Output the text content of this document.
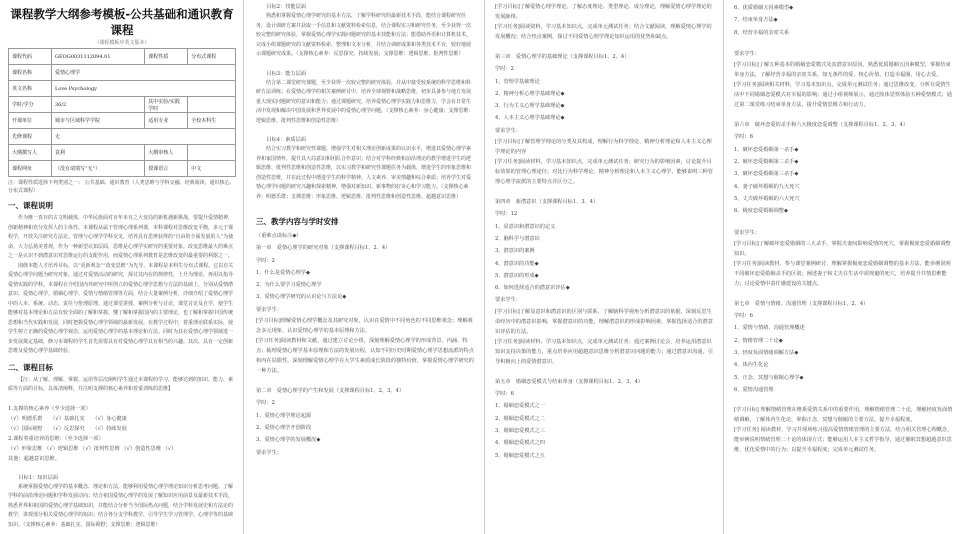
课程教学大纲参考模板-公共基础和通识教育课程
（课程模板中英文版本）
课程代码	GEOG0031112094.01	课程性质	分布式课程
课程名称	爱情心理学		
英文名称	Love Psychology		
学时/学分	36/2	其中实验/实践学时	
开课单位	城市与区域科学学院	适用专业	全校本科生
先修课程	无		
大纲撰写人	袁利	大纲审核人	
课程网址	（没有请填写“无”）	授课语言	中文
注：课程性质选择下列类别之一： 公共基础、通识教育（人类思维与学科交融、经典阅读、通识核心、分布式课程）
一、课程说明
作为唯一真存的古文明载体，中华民族面对百年未有之大变局的新机遇新挑战，要提升爱情精神，创新精神和充分发挥人的主体性。本课程从属于管理心理系列课，本科课程对思维改变平衡，多元于课程学，开放关注研究方法论。管理与心理学学科交叉，培养具有思辨获得的“自由的全面发展的人”为使命，大力弘扬美善观，作为一种新型认知层面，思维是心理学实研究的重要对象。改变思维最大的难点之一是认识不到潜意识对思维运行的支配作用，而爱情心理系列教育是思维改变的最重要的利器之一。
围绕本能人才培养目标，以“更新观念”“改变思维”为先导，本课程是本科生分布式课程。它以有关爱情心理学问题为研究对象，通过对爱情活动的研究，探讨其内在的规律性，上升为理论，再用以指导爱情实践的学科。本课程在介绍国内外研究中所创立的爱情心理学思想与方法的基础上，分别从爱情潜意识、爱情心理学、婚姻心理学、爱情与情绪管理等方面，结合大量案例分析，详细介绍了爱情心理学中的人本、系统、动态、责任与伦理原理。通过课堂讲授、案例分析与讨论，课堂讨论及自学，使学生能够对基本理论和方法有较全面的了解和掌握，懂了解和掌握国内的主要理论，也了解和掌握中国传统思想和当代实践和发展，同时把握爱情心理学领域的最新发展。在教学过程中，着重理论联系实际，使学生树立正确的爱情心理学观念，运用爱情心理学的基本理论和方法。同时为其在爱情心理学领域进一步发展奠定基础，修习本课程的学生首先需要具有对爱情心理学具有相当的兴趣。其次，具有一定创新思维及爱情心理学基础经验。
二、课程目标
【注：从了解、理解、掌握、运用等层次阐明学生通过本课程的学习，能够达到的知识、能力、素质等方面的目标，具体清阐释，并注明支撑的核心素养和着重训练的思维】
1.支撑的核心素养（至少选择一项）
（√）明德乐群　　（√）基础扎实　　（√）身心健康
（√）国际视野　　（√）反思探究　　（√）持续发展
2.课程着重培养的思维：（至少选择一项）
（√）形象思维 （√）逻辑思维 （√）批判性思维 （√）创造性思维 （√）
其他：超越意识思维。
　　目标1：知识层面
系统掌握爱情心理学的基本概念、理论和方法，能够利用爱情心理学理论知识分析思考问题。了解学科的前沿理论问题和学科发展动向；结合祖国爱情心理学的发展了解知识应用前景及最新技术手段，熟悉世界和祖国的爱情心理学基础知识，并能结合分析当今国际热点问题，结合学科发展史和方法论的教学，讲授部分相关爱情心理学的知识；结合各分支学科教学，引导学生学习管理学、心理学等的基础知识。（支撑核心素养：基础扎实、国际视野；支撑思维：逻辑思维）
　　目标2：技能层面
熟悉和掌握爱情心理学研究的基本方法，了解学科研究的最新技术手段，能结合课程研究任务，设计调研方案并获取一手信息和文献资料检索信息，结合课程实习和研究任务，至少获得一次较完整的研究体验，掌握爱情心理学实践问题研究的基本技能和方法；能借助外语和计算机技术，完成小组课题研究的文献资料检索、整理和文本分析，并结合调研成果和各类技术平台，较好地展示课题研究成果。（支撑核心素养：反思探究、持续发展；支撑思维：逻辑思维、批判性思维）
　　目标3：能力层面
结合第二课堂研究课题，至少获得一次较完整的研究体验，并从中接受较系统的科学思维和科研方法训练；在爱情心理学的相关案例研讨中，培养全球视野和战略思维，初步具备参与地方发展重大现实问题研究的意识和能力；通过课题研究，培养爱情心理学实践力和思维力，学会在日常生活中发现和解决中国发展和世界发展中的爱情心理学问题。（支撑核心素养：身心健康；支撑思维：逻辑思维、批判性思维和创造性思维）
　　目标4：素质层面
结合实习教学和研究性课题，增强学生对相关理论创新成果的认识水平，增进其爱情心理学素养和家国情怀，提升其大局意识和团队合作意识；结合对学科经典和前沿理论的教学增进学生的逻辑思维、批判性思维和创造性思维，以实习教学和研究性课题任务为载体，增进学生的形象思维和创造性思维，并在此过程中增进学生的科学精神、人文素养、审美情趣和综合素质；培养学生对爱情心理学问题的研究兴趣和探索精神，增强对新知识、新事物的好奇心和学习能力。（支撑核心素养：明德乐群；支撑思维：形象思维、逻辑思维、批判性思维和创造性思维、超越意识思维）
三、教学内容与学时安排
（重难点请标注◆）
第一章　爱情心理学的研究对象（支撑课程目标1、2、4）
学时：2
1、什么是爱情心理学◆
2、为什么要学习爱情心理学
3、爱情心理学研究的认识论与方法论◆
要求学生：
[学习目标]理解爱情心理学概念及其研究对象，认识在爱情中不同角色的不同思维观念；理解观念多元现象，认识爱情心理学的基本原理和方法。
[学习任务]阅读教材和文献，通过建立讨论小组，深刻理解爱情心理学的形成背景、内涵、特点；梳理爱情心理学基本原理和方法的发展历程，认知不同历史时期爱情心理学思想流派的特点和内在局限性，深刻理解爱情心理学在大学生素质成长阶段的独特价值，掌握爱情心理学研究的一种方法。
第二章　爱情心理学的产生和发展（支撑课程目标1、2、3、4）
学时：2
1、爱情心理学理论起源
2、爱情心理学开创阶段
3、爱情心理学的发展概况◆
要求学生：
[学习目标]了解爱情心理学理论，了解态度理论、类型理论、成分理论，理解爱情心理学理论的发展脉络。
[学习任务]阅读资料，学习基本知识点，完成单元测试任务；结合文献阅读，理解爱情心理学的发展概况；结合热点案例，探讨不同爱情心理学理论知识运用的优势和缺点。
第三章　爱情心理学的基础理论（支撑课程目标1、2、4）
学时：2
1、管理学基础理论
2、精神分析心理学基础理论◆
3、行为主义心理学基础理论◆
4、人本主义心理学基础理论◆
要求学生：
[学习目标]了解管理学理论的分类及其构成，理解行为科学理论、精神分析理论和人本主义心理学理论的内容
[学习任务]阅读材料，学习基本知识点，完成单元测试任务；研究行为的影响因素，讨论提升目标效果的管理心理途径；对比行为科学理论、精神分析理论和人本主义心理学，能够说明三种管理心理学流派的主要特点并区分之。
第四章　新潜意识（支撑课程目标1、3、4）
学时：12
1、显意识和潜意识的定义
2、脑科学与潜意识
3、潜意识的案例
4、潜意识的功能◆
5、潜意识的形成◆
6、如何选择适合的潜意识评估◆
要求学生：
[学习目标]了解显意识和潜意识的区别与联系，了解脑科学视角分析潜意识的依据，深刻反思生命经历中的潜意识影响，掌握潜意识的功能，理解潜意识的形成影响因素，掌握选择适合的潜意识评估的方法。
[学习任务]阅读材料，学习基本知识点，完成单元测试任务；通过案例讨论会，培养运用潜意识知识支持决策的能力，重点培养应用超越意识思维分析潜意识问题的能力；通过潜意识沟通，引导积极向上的爱情潜意识。
第五章　婚姻恋爱模式与结束单身（支撑课程目标1、2、3、4）
学时：6
1、婚姻恋爱模式之一
2、婚姻恋爱模式之二
3、婚姻恋爱模式之三
4、婚姻恋爱模式之四
5、婚姻恋爱模式之五
6、优质婚姻五因素模型◆
7、结束单身方法◆
8、经营幸福的亲密关系
要求学生：
[学习目标]了解五种基本的婚姻恋爱模式及其潜意识原因，熟悉优质婚姻五因素模型，掌握结束单身方法，了解经营幸福的亲密关系，如无条件的爱、核心价值、打造幸福圈、用心去爱。
[学习任务]阅读相关材料，学习基本知识点，完成单元测试任务；通过思维改变，分析在爱情生活中不同婚姻恋爱模式对幸福的影响；通过小组视频展示，通过肢体觉察体验五种爱情模式；通过第二课堂练习结束单身方法，提升爱情思维力和行动力。
第六章　破坏恋爱的杀手和六大极度恋爱调整（支撑课程目标1、2、3、4）
学时：6
1、破坏恋爱婚姻第一杀手◆
2、破坏恋爱婚姻第二杀手◆
3、破坏恋爱婚姻第三杀手◆
4、妻子破坏婚姻的九大死穴
5、丈夫破坏婚姻的六大死穴
6、极度恋爱婚姻调整◆
要求学生：
[学习目标]了解破坏恋爱婚姻的三大杀手，掌握夫妻间影响爱情的死穴，掌握极度恋爱婚姻调整知识。
[学习任务]阅读教材，参与课堂案例研讨，理解掌握极度恋爱婚姻调整的基本方法，能举例说明不同破坏恋爱婚姻杀手的区别；阐述妻子和丈夫在生活中需规避的死穴，培养提升共情思维能力；讨论爱情中责任感建设的关键点。
第七章　爱情与情绪、沟通管理（支撑课程目标1、2、4）
学时：6
1、爱情与情绪、沟通管理概述
2、情绪管理二十论◆
3、轻度负面情绪调解方法◆
4、体内生化论
5、正念、冥想与催眠心理学◆
6、爱情沟通管理
[学习目标] 理解情绪管理在维系爱情关系中的重要作用，理解情绪管理二十论，理解轻度负面情绪调解，了解体内生化论，掌握正念、冥想与催眠的主要方法，提升幸福程度。
[学习任务] 阅读教材，学习并现场练习提高爱情情绪管理的主要方法，结合相关管理心理概念，能举例说明情绪管理二十论的体现方式；能够运用人本主义哲学指导，通过催眠冥想超越意识思维，优化爱情中的行为；以提升幸福程度；完成单元测试任务。
